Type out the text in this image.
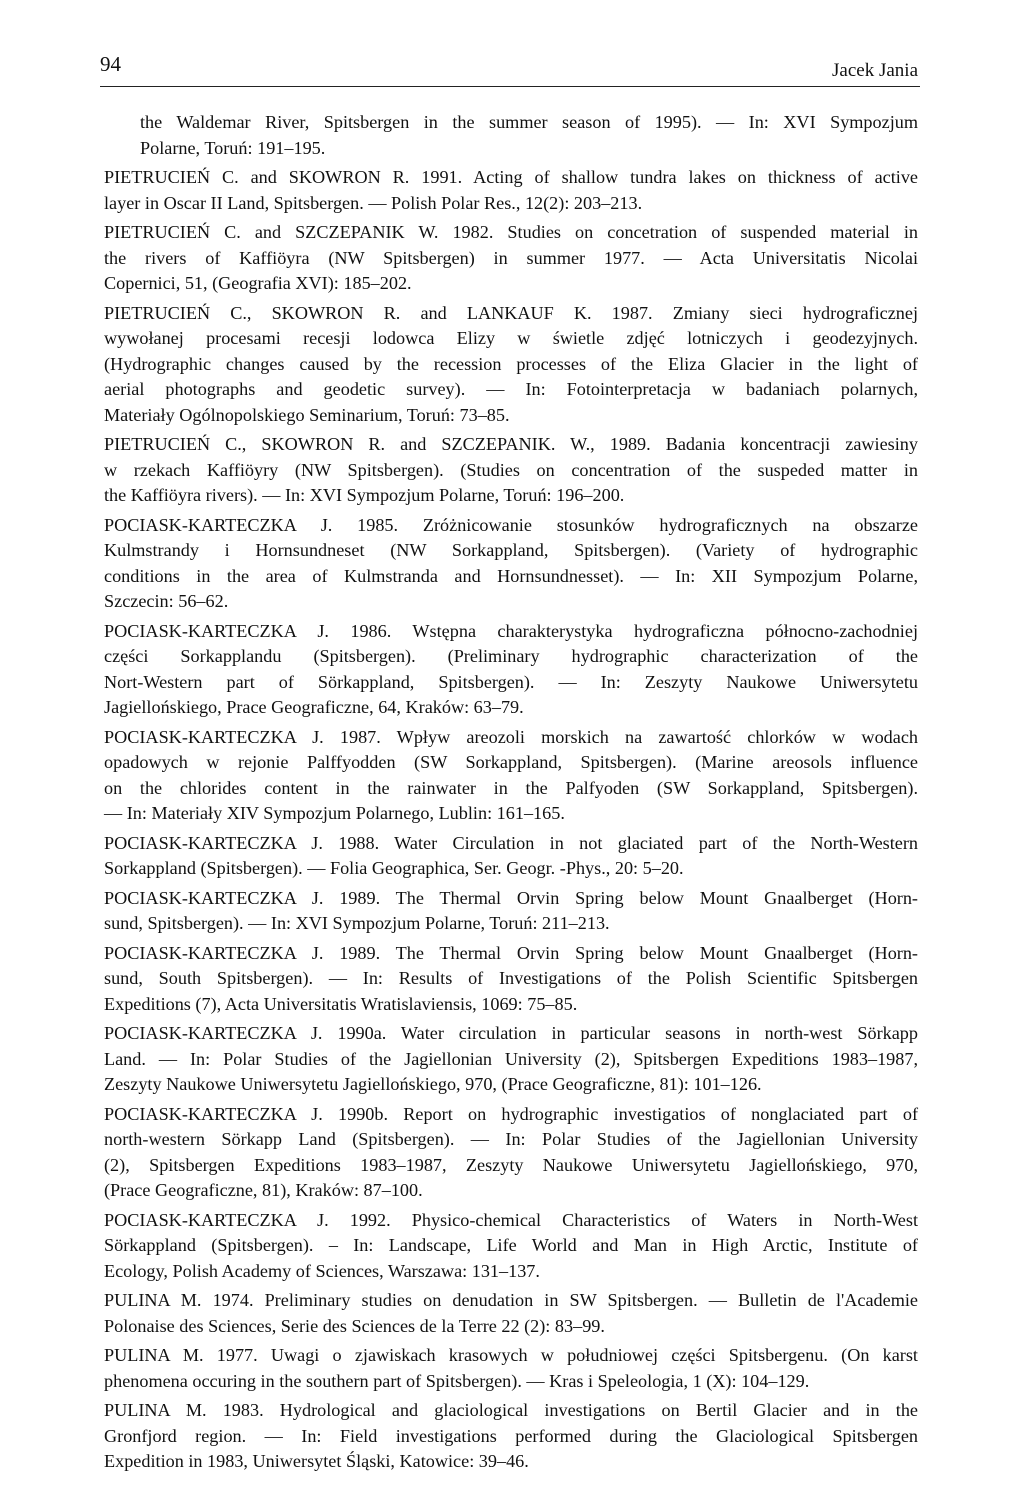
94	Jacek Jania
the Waldemar River, Spitsbergen in the summer season of 1995). — In: XVI Sympozjum
Polarne, Toruń: 191–195.
PIETRUCIEŃ C. and SKOWRON R. 1991. Acting of shallow tundra lakes on thickness of active
layer in Oscar II Land, Spitsbergen. — Polish Polar Res., 12(2): 203–213.
PIETRUCIEŃ C. and SZCZEPANIK W. 1982. Studies on concetration of suspended material in
the rivers of Kaffiöyra (NW Spitsbergen) in summer 1977. — Acta Universitatis Nicolai
Copernici, 51, (Geografia XVI): 185–202.
PIETRUCIEŃ C., SKOWRON R. and LANKAUF K. 1987. Zmiany sieci hydrograficznej
wywołanej procesami recesji lodowca Elizy w świetle zdjęć lotniczych i geodezyjnych.
(Hydrographic changes caused by the recession processes of the Eliza Glacier in the light of
aerial photographs and geodetic survey). — In: Fotointerpretacja w badaniach polarnych,
Materiały Ogólnopolskiego Seminarium, Toruń: 73–85.
PIETRUCIEŃ C., SKOWRON R. and SZCZEPANIK. W., 1989. Badania koncentracji zawiesiny
w rzekach Kaffiöyry (NW Spitsbergen). (Studies on concentration of the suspeded matter in
the Kaffiöyra rivers). — In: XVI Sympozjum Polarne, Toruń: 196–200.
POCIASK-KARTECZKA J. 1985. Zróżnicowanie stosunków hydrograficznych na obszarze
Kulmstrandy i Hornsundneset (NW Sorkappland, Spitsbergen). (Variety of hydrographic
conditions in the area of Kulmstranda and Hornsundnesset). — In: XII Sympozjum Polarne,
Szczecin: 56–62.
POCIASK-KARTECZKA J. 1986. Wstępna charakterystyka hydrograficzna północno-zachodniej
części Sorkapplandu (Spitsbergen). (Preliminary hydrographic characterization of the
Nort-Western part of Sörkappland, Spitsbergen). — In: Zeszyty Naukowe Uniwersytetu
Jagiellońskiego, Prace Geograficzne, 64, Kraków: 63–79.
POCIASK-KARTECZKA J. 1987. Wpływ areozoli morskich na zawartość chlorków w wodach
opadowych w rejonie Palffyodden (SW Sorkappland, Spitsbergen). (Marine areosols influence
on the chlorides content in the rainwater in the Palfyoden (SW Sorkappland, Spitsbergen).
— In: Materiały XIV Sympozjum Polarnego, Lublin: 161–165.
POCIASK-KARTECZKA J. 1988. Water Circulation in not glaciated part of the North-Western
Sorkappland (Spitsbergen). — Folia Geographica, Ser. Geogr. -Phys., 20: 5–20.
POCIASK-KARTECZKA J. 1989. The Thermal Orvin Spring below Mount Gnaalberget (Horn-
sund, Spitsbergen). — In: XVI Sympozjum Polarne, Toruń: 211–213.
POCIASK-KARTECZKA J. 1989. The Thermal Orvin Spring below Mount Gnaalberget (Horn-
sund, South Spitsbergen). — In: Results of Investigations of the Polish Scientific Spitsbergen
Expeditions (7), Acta Universitatis Wratislaviensis, 1069: 75–85.
POCIASK-KARTECZKA J. 1990a. Water circulation in particular seasons in north-west Sörkapp
Land. — In: Polar Studies of the Jagiellonian University (2), Spitsbergen Expeditions 1983–1987,
Zeszyty Naukowe Uniwersytetu Jagiellońskiego, 970, (Prace Geograficzne, 81): 101–126.
POCIASK-KARTECZKA J. 1990b. Report on hydrographic investigatios of nonglaciated part of
north-western Sörkapp Land (Spitsbergen). — In: Polar Studies of the Jagiellonian University
(2), Spitsbergen Expeditions 1983–1987, Zeszyty Naukowe Uniwersytetu Jagiellońskiego, 970,
(Prace Geograficzne, 81), Kraków: 87–100.
POCIASK-KARTECZKA J. 1992. Physico-chemical Characteristics of Waters in North-West
Sörkappland (Spitsbergen). – In: Landscape, Life World and Man in High Arctic, Institute of
Ecology, Polish Academy of Sciences, Warszawa: 131–137.
PULINA M. 1974. Preliminary studies on denudation in SW Spitsbergen. — Bulletin de l'Academie
Polonaise des Sciences, Serie des Sciences de la Terre 22 (2): 83–99.
PULINA M. 1977. Uwagi o zjawiskach krasowych w południowej części Spitsbergenu. (On karst
phenomena occuring in the southern part of Spitsbergen). — Kras i Speleologia, 1 (X): 104–129.
PULINA M. 1983. Hydrological and glaciological investigations on Bertil Glacier and in the
Gronfjord region. — In: Field investigations performed during the Glaciological Spitsbergen
Expedition in 1983, Uniwersytet Śląski, Katowice: 39–46.
